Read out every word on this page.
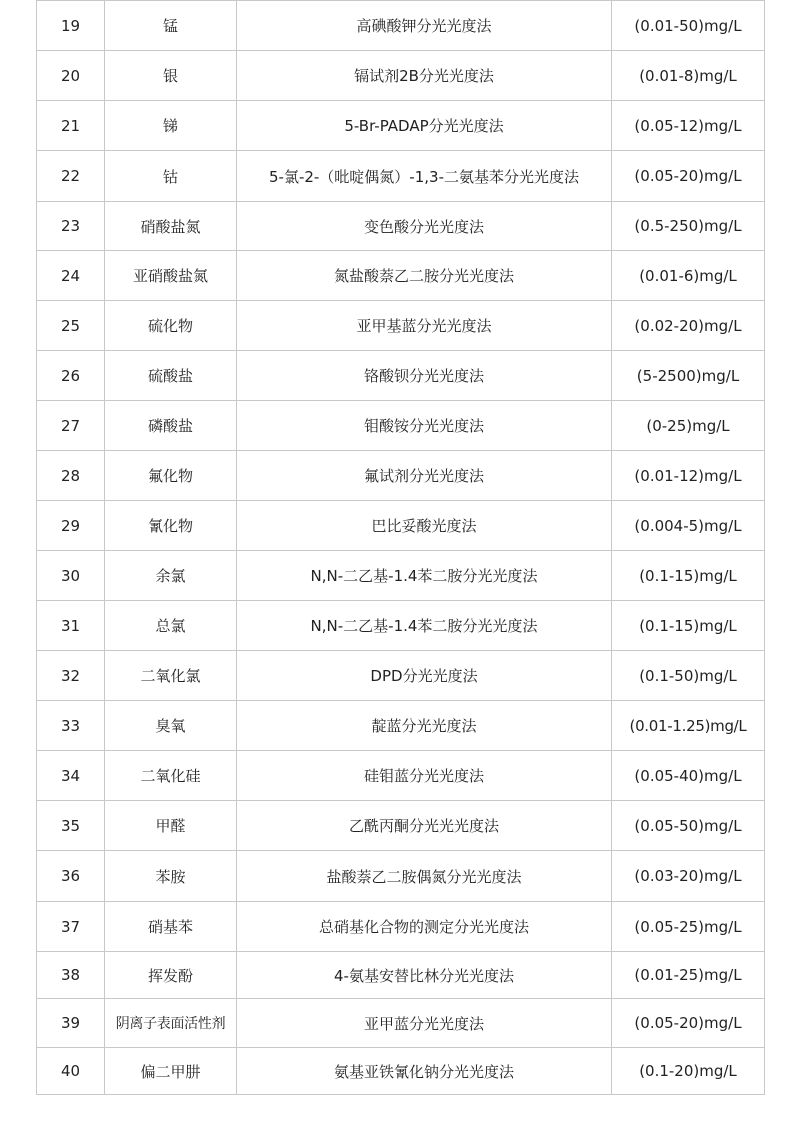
19	锰	高碘酸钾分光光度法	(0.01-50)mg/L
20	银	镉试剂2B分光光度法	(0.01-8)mg/L
21	锑	5-Br-PADAP分光光度法	(0.05-12)mg/L
22	钴	5-氯-2-（吡啶偶氮）-1,3-二氨基苯分光光度法	(0.05-20)mg/L
23	硝酸盐氮	变色酸分光光度法	(0.5-250)mg/L
24	亚硝酸盐氮	氮盐酸萘乙二胺分光光度法	(0.01-6)mg/L
25	硫化物	亚甲基蓝分光光度法	(0.02-20)mg/L
26	硫酸盐	铬酸钡分光光度法	(5-2500)mg/L
27	磷酸盐	钼酸铵分光光度法	(0-25)mg/L
28	氟化物	氟试剂分光光度法	(0.01-12)mg/L
29	氰化物	巴比妥酸光度法	(0.004-5)mg/L
30	余氯	N,N-二乙基-1.4苯二胺分光光度法	(0.1-15)mg/L
31	总氯	N,N-二乙基-1.4苯二胺分光光度法	(0.1-15)mg/L
32	二氧化氯	DPD分光光度法	(0.1-50)mg/L
33	臭氧	靛蓝分光光度法	(0.01-1.25)mg/L
34	二氧化硅	硅钼蓝分光光度法	(0.05-40)mg/L
35	甲醛	乙酰丙酮分光光光度法	(0.05-50)mg/L
36	苯胺	盐酸萘乙二胺偶氮分光光度法	(0.03-20)mg/L
37	硝基苯	总硝基化合物的测定分光光度法	(0.05-25)mg/L
38	挥发酚	4-氨基安替比林分光光度法	(0.01-25)mg/L
39	阴离子表面活性剂	亚甲蓝分光光度法	(0.05-20)mg/L
40	偏二甲肼	氨基亚铁氰化钠分光光度法	(0.1-20)mg/L
